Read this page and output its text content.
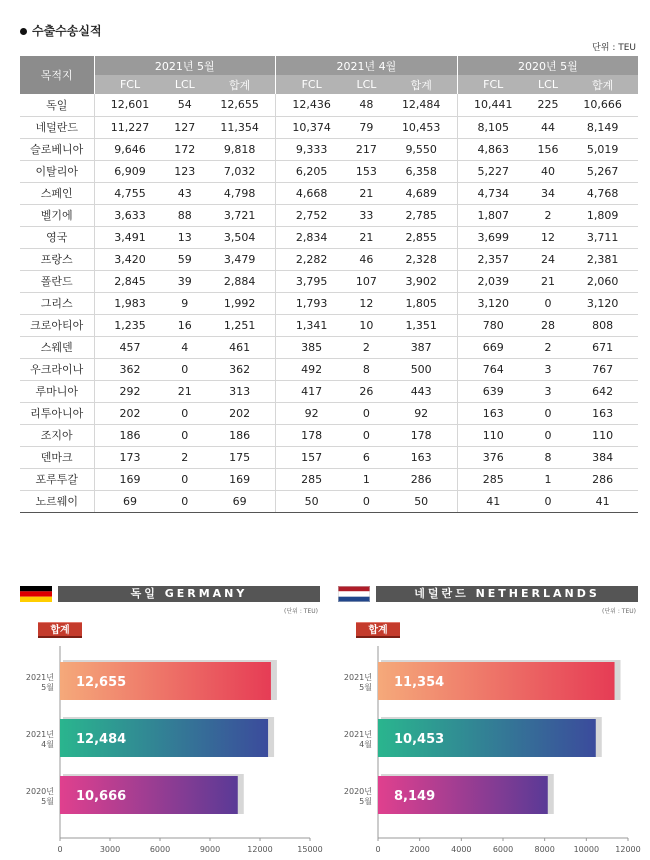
수출수송실적
단위 : TEU
목적지	2021년 5월			2021년 4월			2020년 5월		
	FCL	LCL	합계	FCL	LCL	합계	FCL	LCL	합계
독일	12,601	54	12,655	12,436	48	12,484	10,441	225	10,666
네덜란드	11,227	127	11,354	10,374	79	10,453	8,105	44	8,149
슬로베니아	9,646	172	9,818	9,333	217	9,550	4,863	156	5,019
이탈리아	6,909	123	7,032	6,205	153	6,358	5,227	40	5,267
스페인	4,755	43	4,798	4,668	21	4,689	4,734	34	4,768
벨기에	3,633	88	3,721	2,752	33	2,785	1,807	2	1,809
영국	3,491	13	3,504	2,834	21	2,855	3,699	12	3,711
프랑스	3,420	59	3,479	2,282	46	2,328	2,357	24	2,381
폴란드	2,845	39	2,884	3,795	107	3,902	2,039	21	2,060
그리스	1,983	9	1,992	1,793	12	1,805	3,120	0	3,120
크로아티아	1,235	16	1,251	1,341	10	1,351	780	28	808
스웨덴	457	4	461	385	2	387	669	2	671
우크라이나	362	0	362	492	8	500	764	3	767
루마니아	292	21	313	417	26	443	639	3	642
리투아니아	202	0	202	92	0	92	163	0	163
조지아	186	0	186	178	0	178	110	0	110
덴마크	173	2	175	157	6	163	376	8	384
포루투갈	169	0	169	285	1	286	285	1	286
노르웨이	69	0	69	50	0	50	41	0	41
독일 GERMANY
(단위 : TEU)
합계
0	3000	6000	9000	12000	15000
12,655
2021년
5월
12,484
2021년
4월
10,666
2020년
5월
네덜란드 NETHERLANDS
(단위 : TEU)
합계
0	2000	4000	6000	8000 10000 12000
11,354
2021년
5월
10,453
2021년
4월
8,149
2020년
5월
